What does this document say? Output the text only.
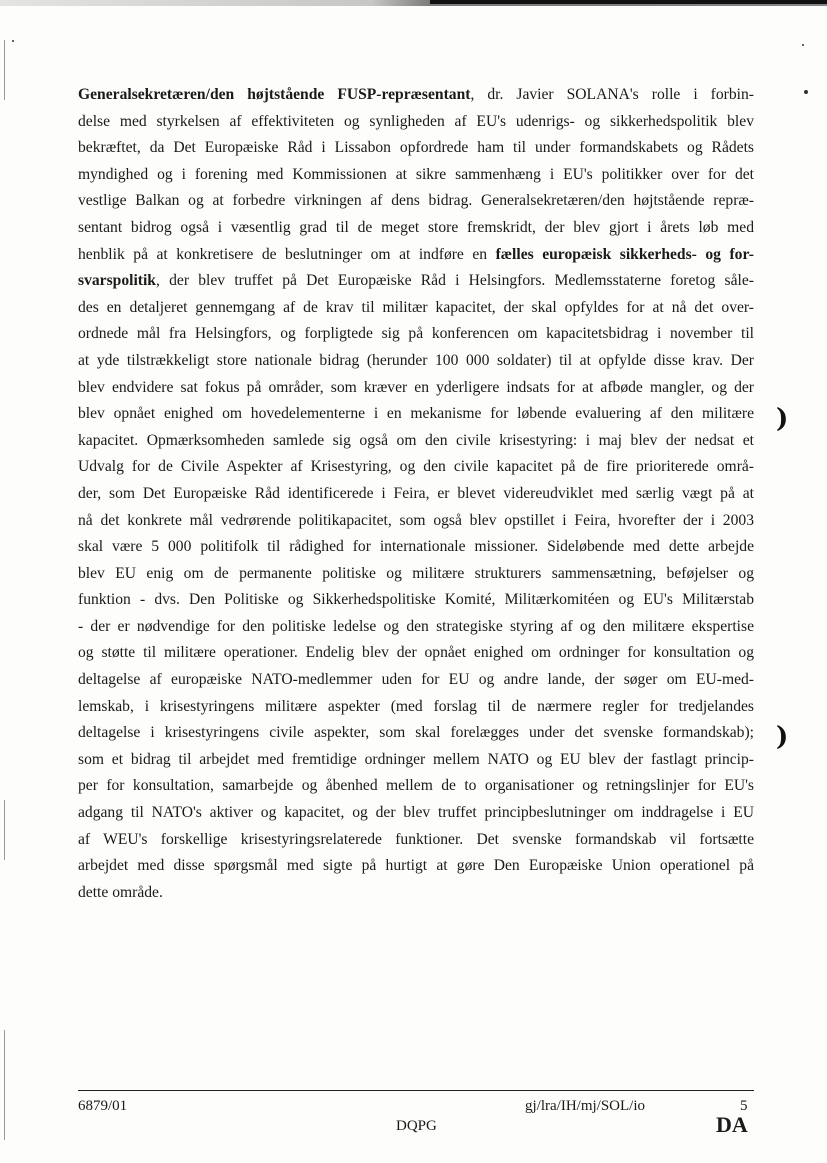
)
)
Generalsekretæren/den højtstående FUSP-repræsentant, dr. Javier SOLANA's rolle i forbin-
delse med styrkelsen af effektiviteten og synligheden af EU's udenrigs- og sikkerhedspolitik blev
bekræftet, da Det Europæiske Råd i Lissabon opfordrede ham til under formandskabets og Rådets
myndighed og i forening med Kommissionen at sikre sammenhæng i EU's politikker over for det
vestlige Balkan og at forbedre virkningen af dens bidrag. Generalsekretæren/den højtstående repræ-
sentant bidrog også i væsentlig grad til de meget store fremskridt, der blev gjort i årets løb med
henblik på at konkretisere de beslutninger om at indføre en fælles europæisk sikkerheds- og for-
svarspolitik, der blev truffet på Det Europæiske Råd i Helsingfors. Medlemsstaterne foretog såle-
des en detaljeret gennemgang af de krav til militær kapacitet, der skal opfyldes for at nå det over-
ordnede mål fra Helsingfors, og forpligtede sig på konferencen om kapacitetsbidrag i november til
at yde tilstrækkeligt store nationale bidrag (herunder 100 000 soldater) til at opfylde disse krav. Der
blev endvidere sat fokus på områder, som kræver en yderligere indsats for at afbøde mangler, og der
blev opnået enighed om hovedelementerne i en mekanisme for løbende evaluering af den militære
kapacitet. Opmærksomheden samlede sig også om den civile krisestyring: i maj blev der nedsat et
Udvalg for de Civile Aspekter af Krisestyring, og den civile kapacitet på de fire prioriterede områ-
der, som Det Europæiske Råd identificerede i Feira, er blevet videreudviklet med særlig vægt på at
nå det konkrete mål vedrørende politikapacitet, som også blev opstillet i Feira, hvorefter der i 2003
skal være 5 000 politifolk til rådighed for internationale missioner. Sideløbende med dette arbejde
blev EU enig om de permanente politiske og militære strukturers sammensætning, beføjelser og
funktion - dvs. Den Politiske og Sikkerhedspolitiske Komité, Militærkomitéen og EU's Militærstab
- der er nødvendige for den politiske ledelse og den strategiske styring af og den militære ekspertise
og støtte til militære operationer. Endelig blev der opnået enighed om ordninger for konsultation og
deltagelse af europæiske NATO-medlemmer uden for EU og andre lande, der søger om EU-med-
lemskab, i krisestyringens militære aspekter (med forslag til de nærmere regler for tredjelandes
deltagelse i krisestyringens civile aspekter, som skal forelægges under det svenske formandskab);
som et bidrag til arbejdet med fremtidige ordninger mellem NATO og EU blev der fastlagt princip-
per for konsultation, samarbejde og åbenhed mellem de to organisationer og retningslinjer for EU's
adgang til NATO's aktiver og kapacitet, og der blev truffet principbeslutninger om inddragelse i EU
af WEU's forskellige krisestyringsrelaterede funktioner. Det svenske formandskab vil fortsætte
arbejdet med disse spørgsmål med sigte på hurtigt at gøre Den Europæiske Union operationel på
dette område.
6879/01	gj/lra/IH/mj/SOL/io	5
DQPG	DA
